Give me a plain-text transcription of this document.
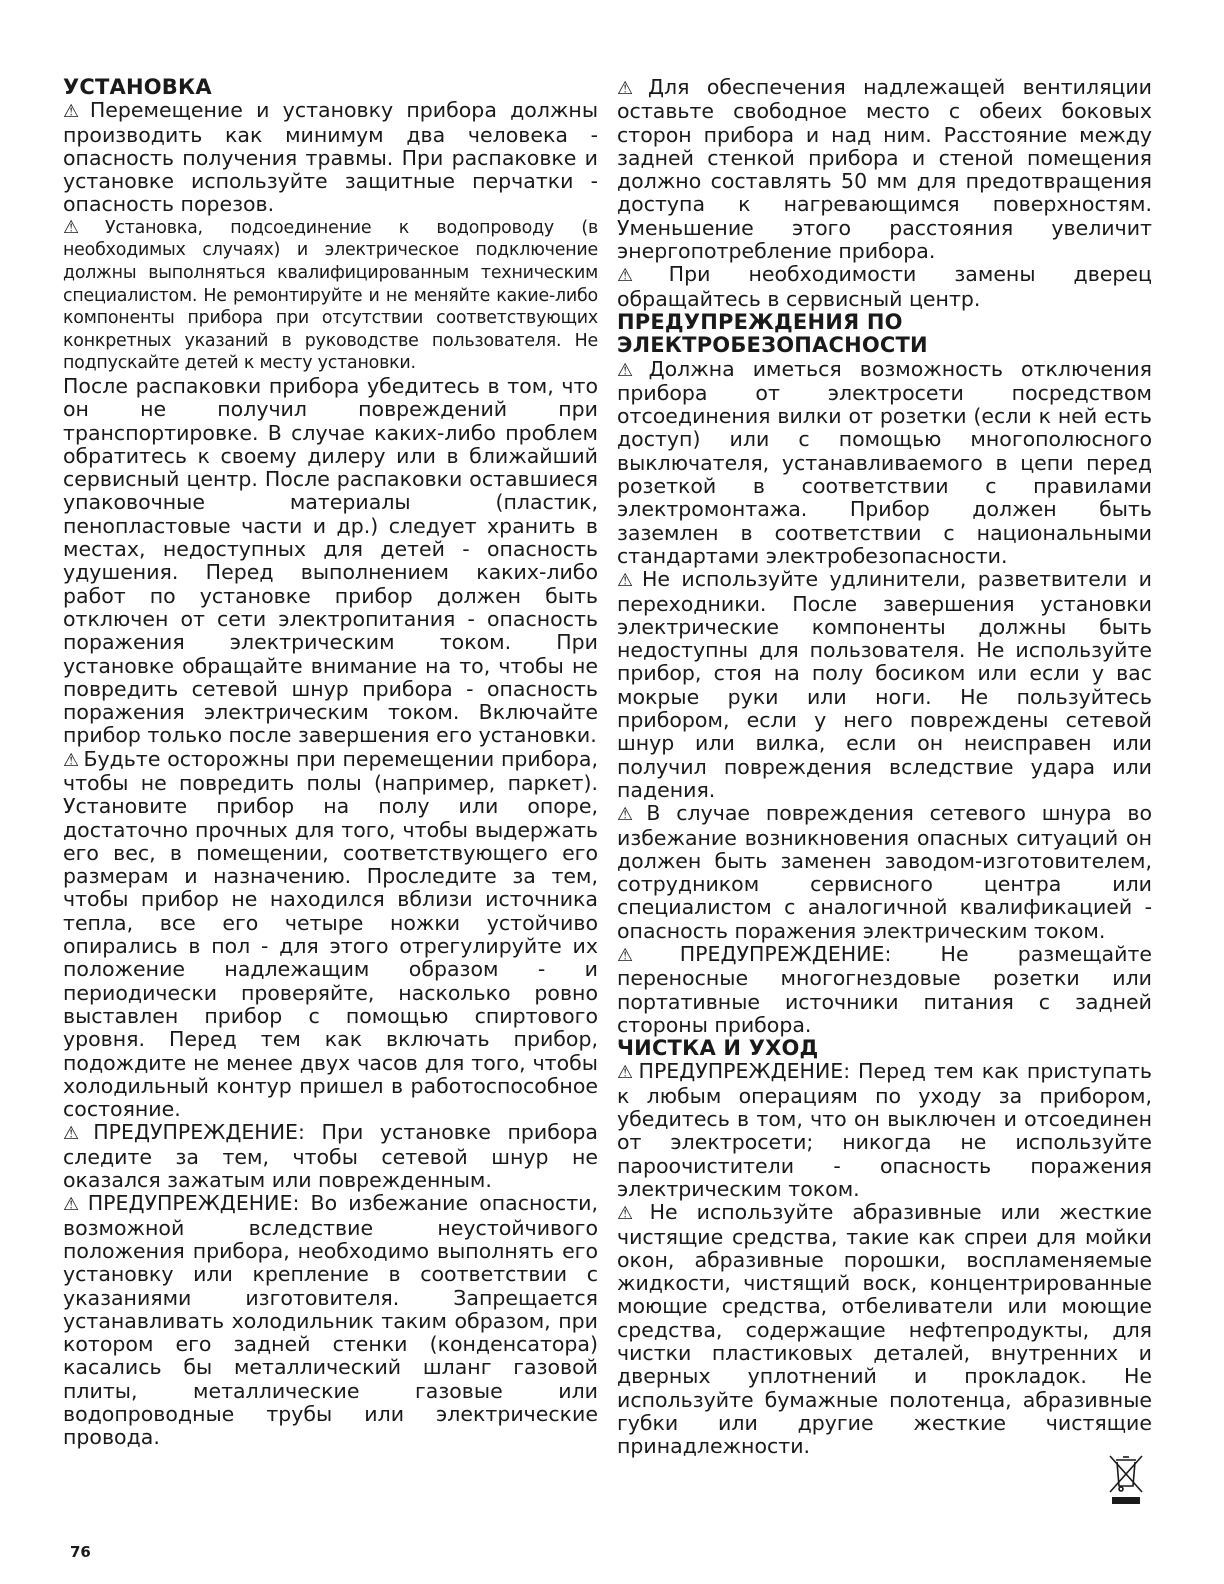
УСТАНОВКА

⚠ Перемещение и установку прибора должны производить как минимум два человека - опасность получения травмы. При распаковке и установке используйте защитные перчатки - опасность порезов.

⚠ Установка, подсоединение к водопроводу (в необходимых случаях) и электрическое подключение должны выполняться квалифицированным техническим специалистом. Не ремонтируйте и не меняйте какие-либо компоненты прибора при отсутствии соответствующих конкретных указаний в руководстве пользователя. Не подпускайте детей к месту установки.

После распаковки прибора убедитесь в том, что он не получил повреждений при транспортировке. В случае каких-либо проблем обратитесь к своему дилеру или в ближайший сервисный центр. После распаковки оставшиеся упаковочные материалы (пластик, пенопластовые части и др.) следует хранить в местах, недоступных для детей - опасность удушения. Перед выполнением каких-либо работ по установке прибор должен быть отключен от сети электропитания - опасность поражения электрическим током. При установке обращайте внимание на то, чтобы не повредить сетевой шнур прибора - опасность поражения электрическим током. Включайте прибор только после завершения его установки.

⚠ Будьте осторожны при перемещении прибора, чтобы не повредить полы (например, паркет). Установите прибор на полу или опоре, достаточно прочных для того, чтобы выдержать его вес, в помещении, соответствующего его размерам и назначению. Проследите за тем, чтобы прибор не находился вблизи источника тепла, все его четыре ножки устойчиво опирались в пол - для этого отрегулируйте их положение надлежащим образом - и периодически проверяйте, насколько ровно выставлен прибор с помощью спиртового уровня. Перед тем как включать прибор, подождите не менее двух часов для того, чтобы холодильный контур пришел в работоспособное состояние.

⚠ ПРЕДУПРЕЖДЕНИЕ: При установке прибора следите за тем, чтобы сетевой шнур не оказался зажатым или поврежденным.

⚠ ПРЕДУПРЕЖДЕНИЕ: Во избежание опасности, возможной вследствие неустойчивого положения прибора, необходимо выполнять его установку или крепление в соответствии с указаниями изготовителя. Запрещается устанавливать холодильник таким образом, при котором его задней стенки (конденсатора) касались бы металлический шланг газовой плиты, металлические газовые или водопроводные трубы или электрические провода.

⚠ Для обеспечения надлежащей вентиляции оставьте свободное место с обеих боковых сторон прибора и над ним. Расстояние между задней стенкой прибора и стеной помещения должно составлять 50 мм для предотвращения доступа к нагревающимся поверхностям. Уменьшение этого расстояния увеличит энергопотребление прибора.

⚠ При необходимости замены дверец обращайтесь в сервисный центр.

ПРЕДУПРЕЖДЕНИЯ ПО
ЭЛЕКТРОБЕЗОПАСНОСТИ

⚠ Должна иметься возможность отключения прибора от электросети посредством отсоединения вилки от розетки (если к ней есть доступ) или с помощью многополюсного выключателя, устанавливаемого в цепи перед розеткой в соответствии с правилами электромонтажа. Прибор должен быть заземлен в соответствии с национальными стандартами электробезопасности.

⚠ Не используйте удлинители, разветвители и переходники. После завершения установки электрические компоненты должны быть недоступны для пользователя. Не используйте прибор, стоя на полу босиком или если у вас мокрые руки или ноги. Не пользуйтесь прибором, если у него повреждены сетевой шнур или вилка, если он неисправен или получил повреждения вследствие удара или падения.

⚠ В случае повреждения сетевого шнура во избежание возникновения опасных ситуаций он должен быть заменен заводом-изготовителем, сотрудником сервисного центра или специалистом с аналогичной квалификацией - опасность поражения электрическим током.

⚠ ПРЕДУПРЕЖДЕНИЕ: Не размещайте переносные многогнездовые розетки или портативные источники питания с задней стороны прибора.

ЧИСТКА И УХОД

⚠ ПРЕДУПРЕЖДЕНИЕ: Перед тем как приступать к любым операциям по уходу за прибором, убедитесь в том, что он выключен и отсоединен от электросети; никогда не используйте пароочистители - опасность поражения электрическим током.

⚠ Не используйте абразивные или жесткие чистящие средства, такие как спреи для мойки окон, абразивные порошки, воспламеняемые жидкости, чистящий воск, концентрированные моющие средства, отбеливатели или моющие средства, содержащие нефтепродукты, для чистки пластиковых деталей, внутренних и дверных уплотнений и прокладок. Не используйте бумажные полотенца, абразивные губки или другие жесткие чистящие принадлежности.

76
